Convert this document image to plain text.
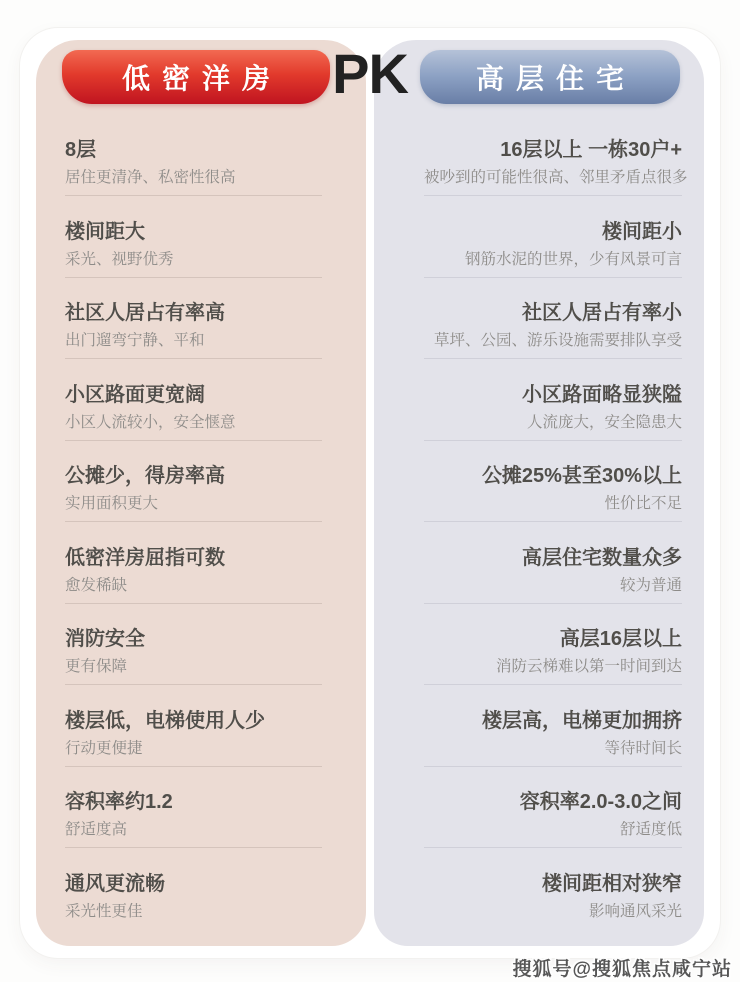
低密洋房
8层
居住更清净、私密性很高
楼间距大
采光、视野优秀
社区人居占有率高
出门遛弯宁静、平和
小区路面更宽阔
小区人流较小，安全惬意
公摊少，得房率高
实用面积更大
低密洋房屈指可数
愈发稀缺
消防安全
更有保障
楼层低，电梯使用人少
行动更便捷
容积率约1.2
舒适度高
通风更流畅
采光性更佳
高层住宅
16层以上 一栋30户+
被吵到的可能性很高、邻里矛盾点很多
楼间距小
钢筋水泥的世界，少有风景可言
社区人居占有率小
草坪、公园、游乐设施需要排队享受
小区路面略显狭隘
人流庞大，安全隐患大
公摊25%甚至30%以上
性价比不足
高层住宅数量众多
较为普通
高层16层以上
消防云梯难以第一时间到达
楼层高，电梯更加拥挤
等待时间长
容积率2.0-3.0之间
舒适度低
楼间距相对狭窄
影响通风采光
PK
搜狐号@搜狐焦点咸宁站
